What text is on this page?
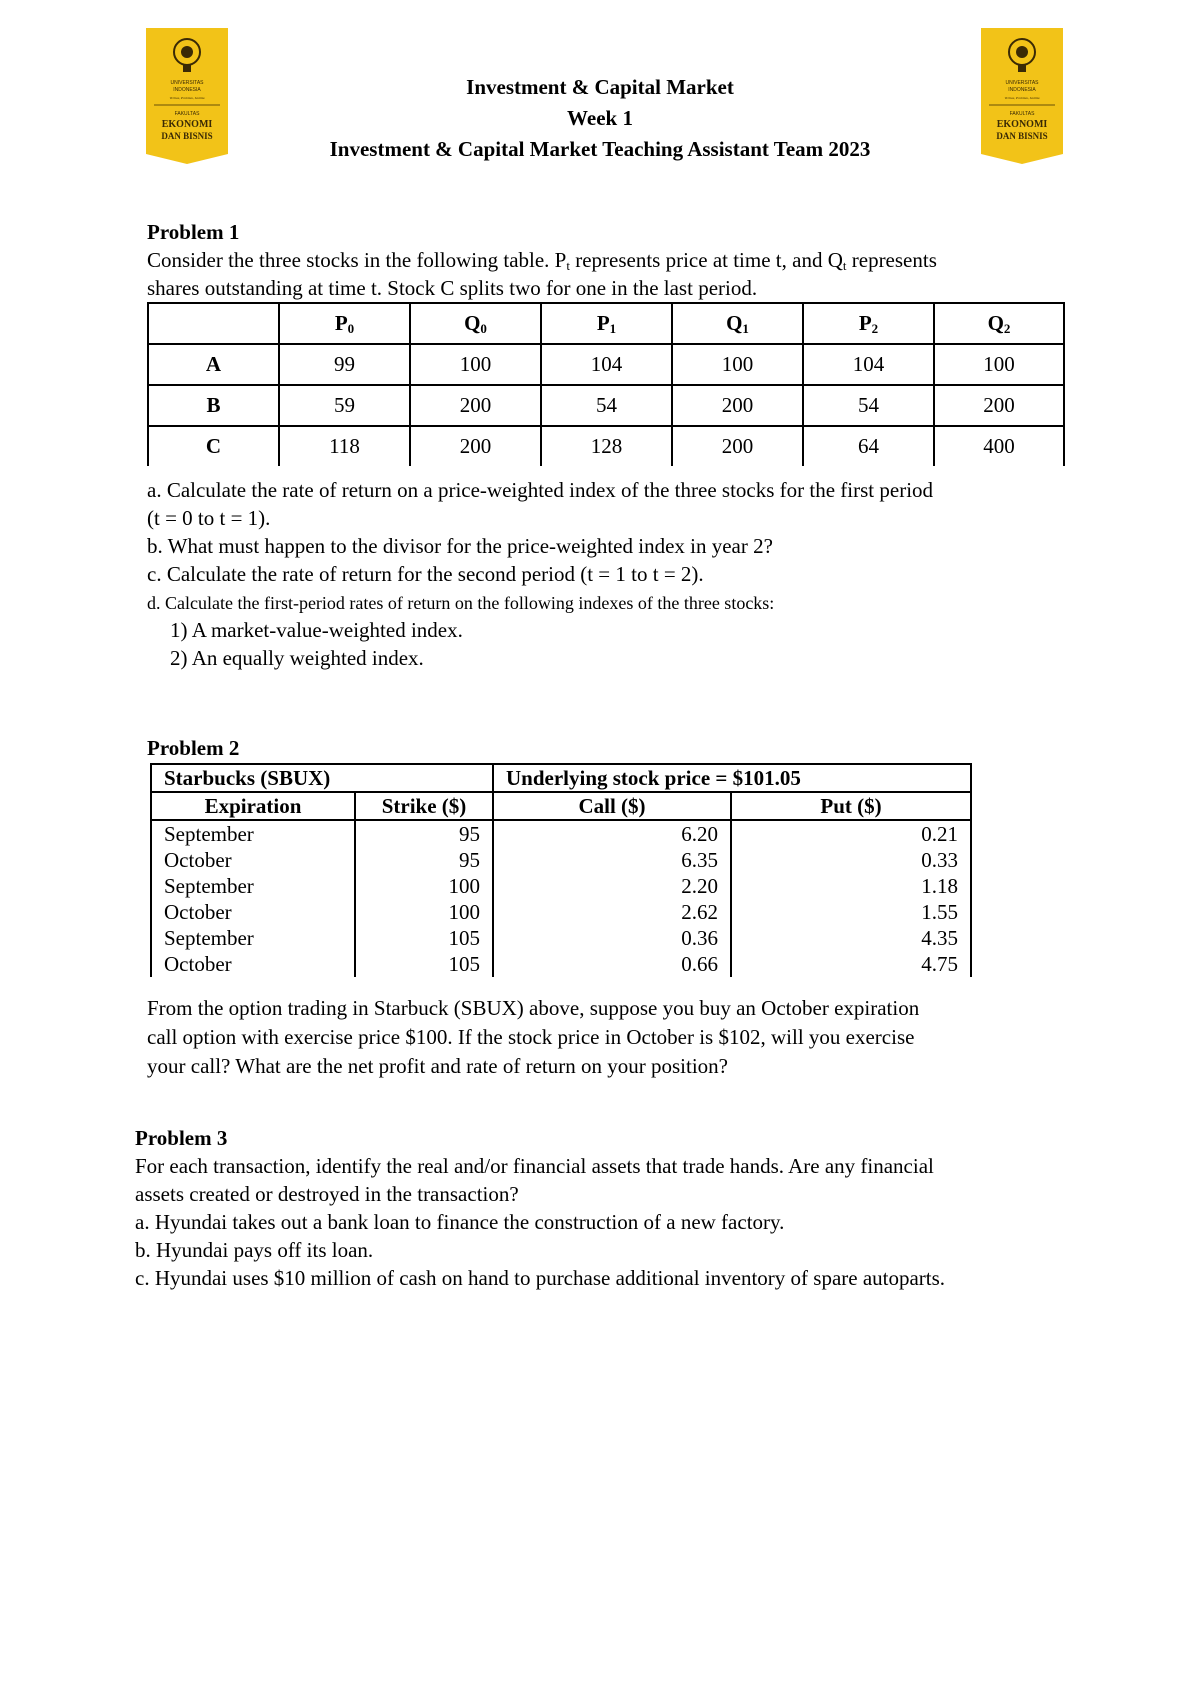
UNIVERSITAS
INDONESIA
Veritas, Probitas, Iustitia
FAKULTAS
EKONOMI
DAN BISNIS
UNIVERSITAS
INDONESIA
Veritas, Probitas, Iustitia
FAKULTAS
EKONOMI
DAN BISNIS
Investment & Capital Market
Week 1
Investment & Capital Market Teaching Assistant Team 2023
Problem 1
Consider the three stocks in the following table. $P_t$ represents price at time t, and $Q_t$ represents
shares outstanding at time t. Stock C splits two for one in the last period.
	$P_0$	$Q_0$	$P_1$	$Q_1$	$P_2$	$Q_2$
A	99	100	104	100	104	100
B	59	200	54	200	54	200
C	118	200	128	200	64	400
a. Calculate the rate of return on a price-weighted index of the three stocks for the first period
(t = 0 to t = 1).
b. What must happen to the divisor for the price-weighted index in year 2?
c. Calculate the rate of return for the second period (t = 1 to t = 2).
d. Calculate the first-period rates of return on the following indexes of the three stocks:
1) A market-value-weighted index.
2) An equally weighted index.
Problem 2
Starbucks (SBUX)		Underlying stock price = $101.05	
Expiration	Strike ($)	Call ($)	Put ($)
September	95	6.20	0.21
October	95	6.35	0.33
September	100	2.20	1.18
October	100	2.62	1.55
September	105	0.36	4.35
October	105	0.66	4.75
From the option trading in Starbuck (SBUX) above, suppose you buy an October expiration
call option with exercise price $100. If the stock price in October is $102, will you exercise
your call? What are the net profit and rate of return on your position?
Problem 3
For each transaction, identify the real and/or financial assets that trade hands. Are any financial
assets created or destroyed in the transaction?
a. Hyundai takes out a bank loan to finance the construction of a new factory.
b. Hyundai pays off its loan.
c. Hyundai uses $10 million of cash on hand to purchase additional inventory of spare autoparts.
